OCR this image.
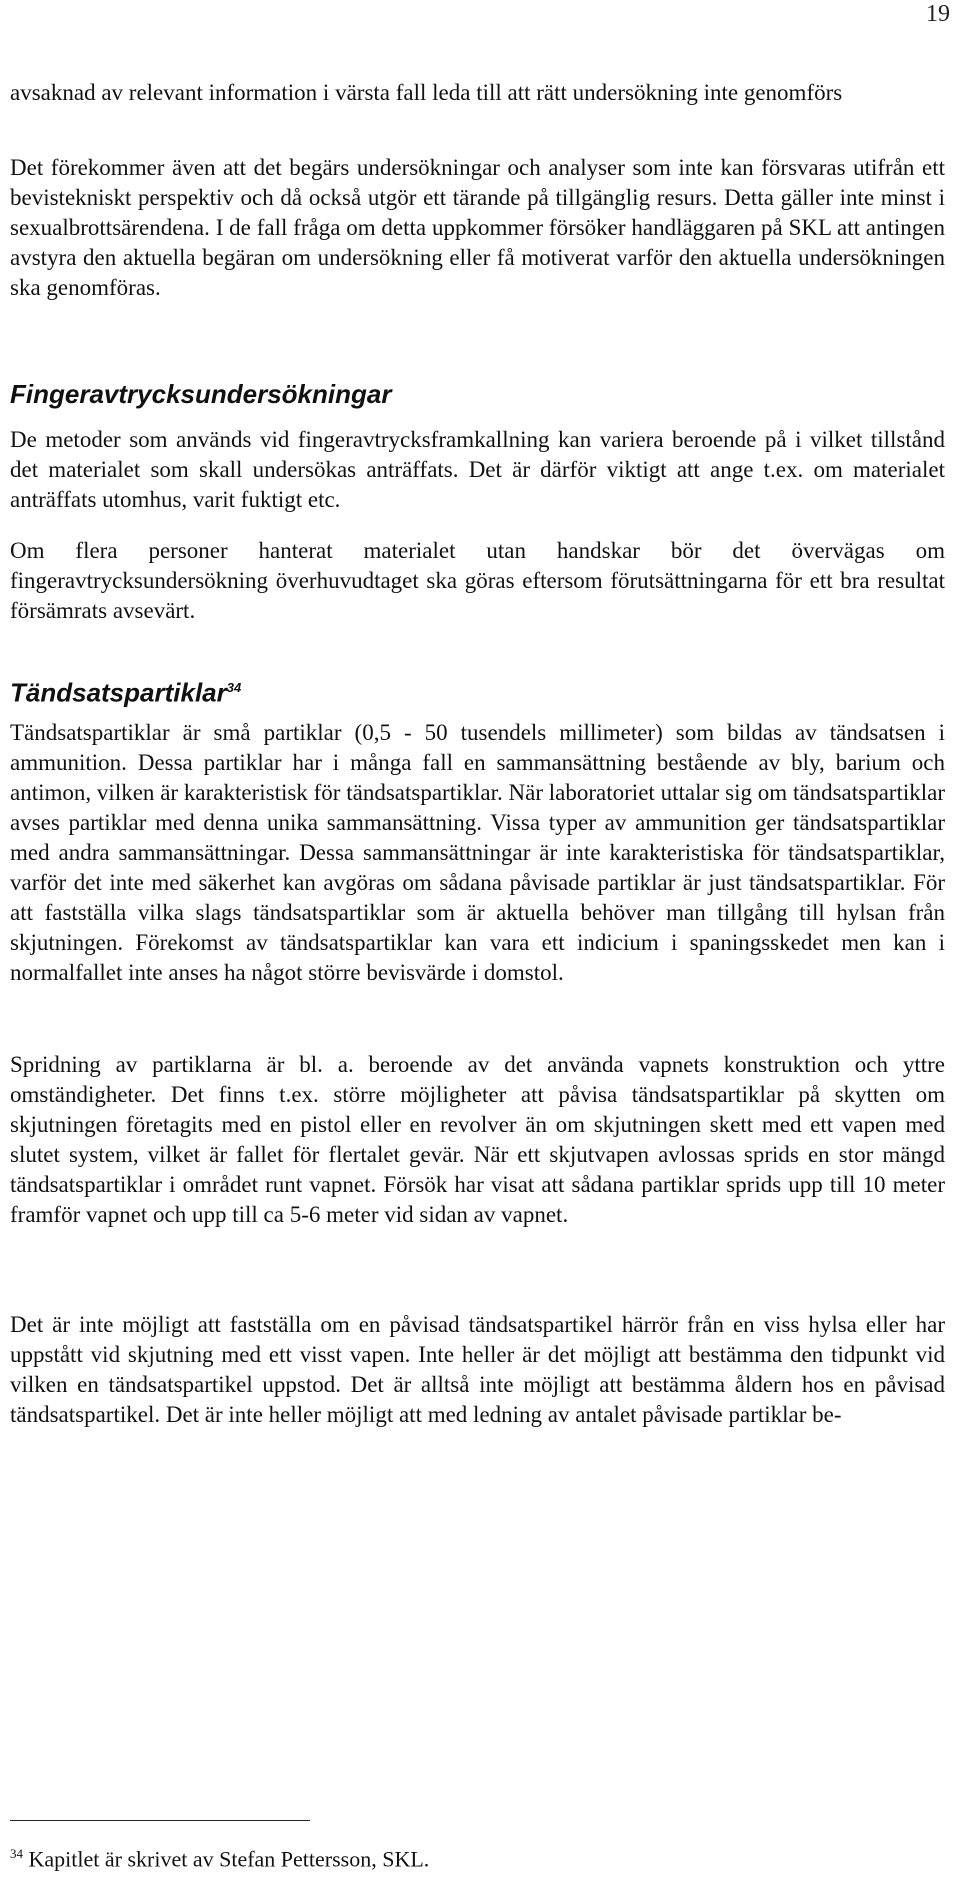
19

avsaknad av relevant information i värsta fall leda till att rätt undersökning inte genomförs

Det förekommer även att det begärs undersökningar och analyser som inte kan försvaras utifrån ett bevistekniskt perspektiv och då också utgör ett tärande på tillgänglig resurs. Detta gäller inte minst i sexualbrottsärendena. I de fall fråga om detta uppkommer försöker handläggaren på SKL att antingen avstyra den aktuella begäran om undersökning eller få motiverat varför den aktuella undersökningen ska genomföras.

Fingeravtrycksundersökningar

De metoder som används vid fingeravtrycksframkallning kan variera beroende på i vilket tillstånd det materialet som skall undersökas anträffats. Det är därför viktigt att ange t.ex. om materialet anträffats utomhus, varit fuktigt etc.

Om flera personer hanterat materialet utan handskar bör det övervägas om fingeravtrycksundersökning överhuvudtaget ska göras eftersom förutsättningarna för ett bra resultat försämrats avsevärt.

Tändsatspartiklar$^{34}$

Tändsatspartiklar är små partiklar (0,5 - 50 tusendels millimeter) som bildas av tändsatsen i ammunition. Dessa partiklar har i många fall en sammansättning bestående av bly, barium och antimon, vilken är karakteristisk för tändsatspartiklar. När laboratoriet uttalar sig om tändsatspartiklar avses partiklar med denna unika sammansättning. Vissa typer av ammunition ger tändsatspartiklar med andra sammansättningar. Dessa sammansättningar är inte karakteristiska för tändsatspartiklar, varför det inte med säkerhet kan avgöras om sådana påvisade partiklar är just tändsatspartiklar. För att fastställa vilka slags tändsatspartiklar som är aktuella behöver man tillgång till hylsan från skjutningen. Förekomst av tändsatspartiklar kan vara ett indicium i spaningsskedet men kan i normalfallet inte anses ha något större bevisvärde i domstol.

Spridning av partiklarna är bl. a. beroende av det använda vapnets konstruktion och yttre omständigheter. Det finns t.ex. större möjligheter att påvisa tändsatspartiklar på skytten om skjutningen företagits med en pistol eller en revolver än om skjutningen skett med ett vapen med slutet system, vilket är fallet för flertalet gevär. När ett skjutvapen avlossas sprids en stor mängd tändsatspartiklar i området runt vapnet. Försök har visat att sådana partiklar sprids upp till 10 meter framför vapnet och upp till ca 5-6 meter vid sidan av vapnet.

Det är inte möjligt att fastställa om en påvisad tändsatspartikel härrör från en viss hylsa eller har uppstått vid skjutning med ett visst vapen. Inte heller är det möjligt att bestämma den tidpunkt vid vilken en tändsatspartikel uppstod. Det är alltså inte möjligt att bestämma åldern hos en påvisad tändsatspartikel. Det är inte heller möjligt att med ledning av antalet påvisade partiklar be-

$^{34}$ Kapitlet är skrivet av Stefan Pettersson, SKL.
